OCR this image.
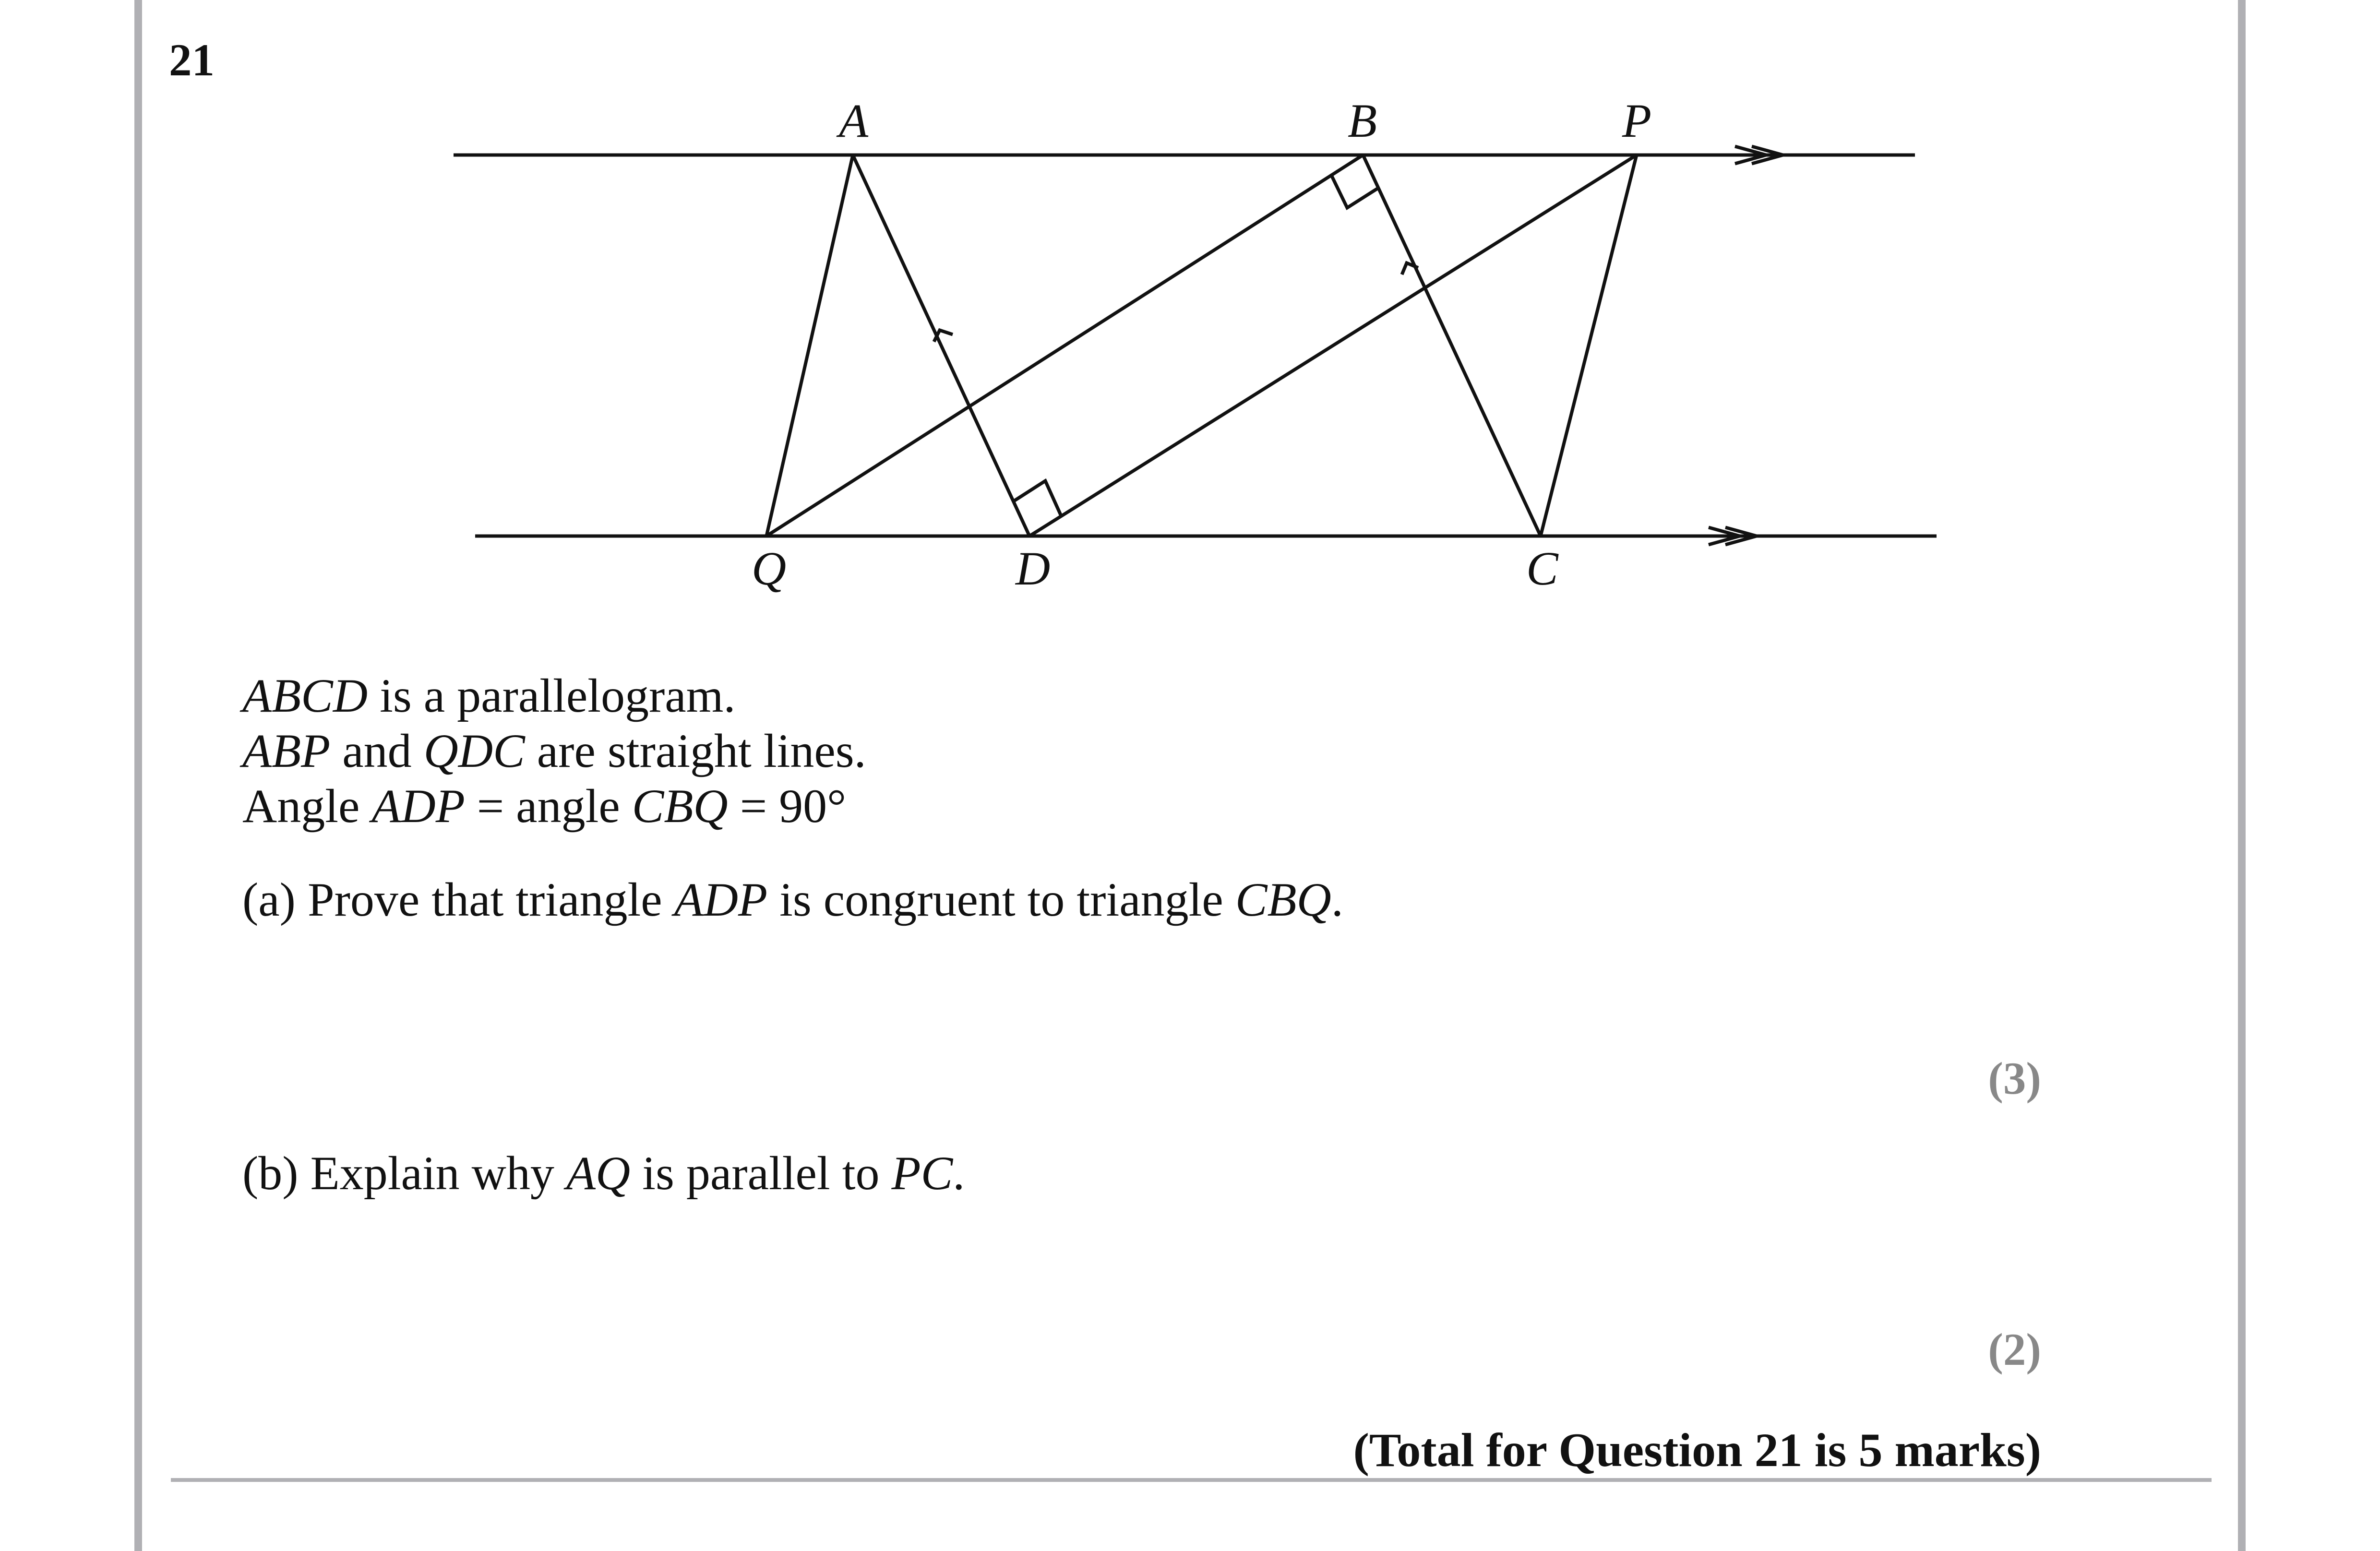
21
A	B	P
Q	D	C
ABCD is a parallelogram.
ABP and QDC are straight lines.
Angle ADP = angle CBQ = 90°
(a) Prove that triangle ADP is congruent to triangle CBQ.
(3)
(b) Explain why AQ is parallel to PC.
(2)
(Total for Question 21 is 5 marks)
